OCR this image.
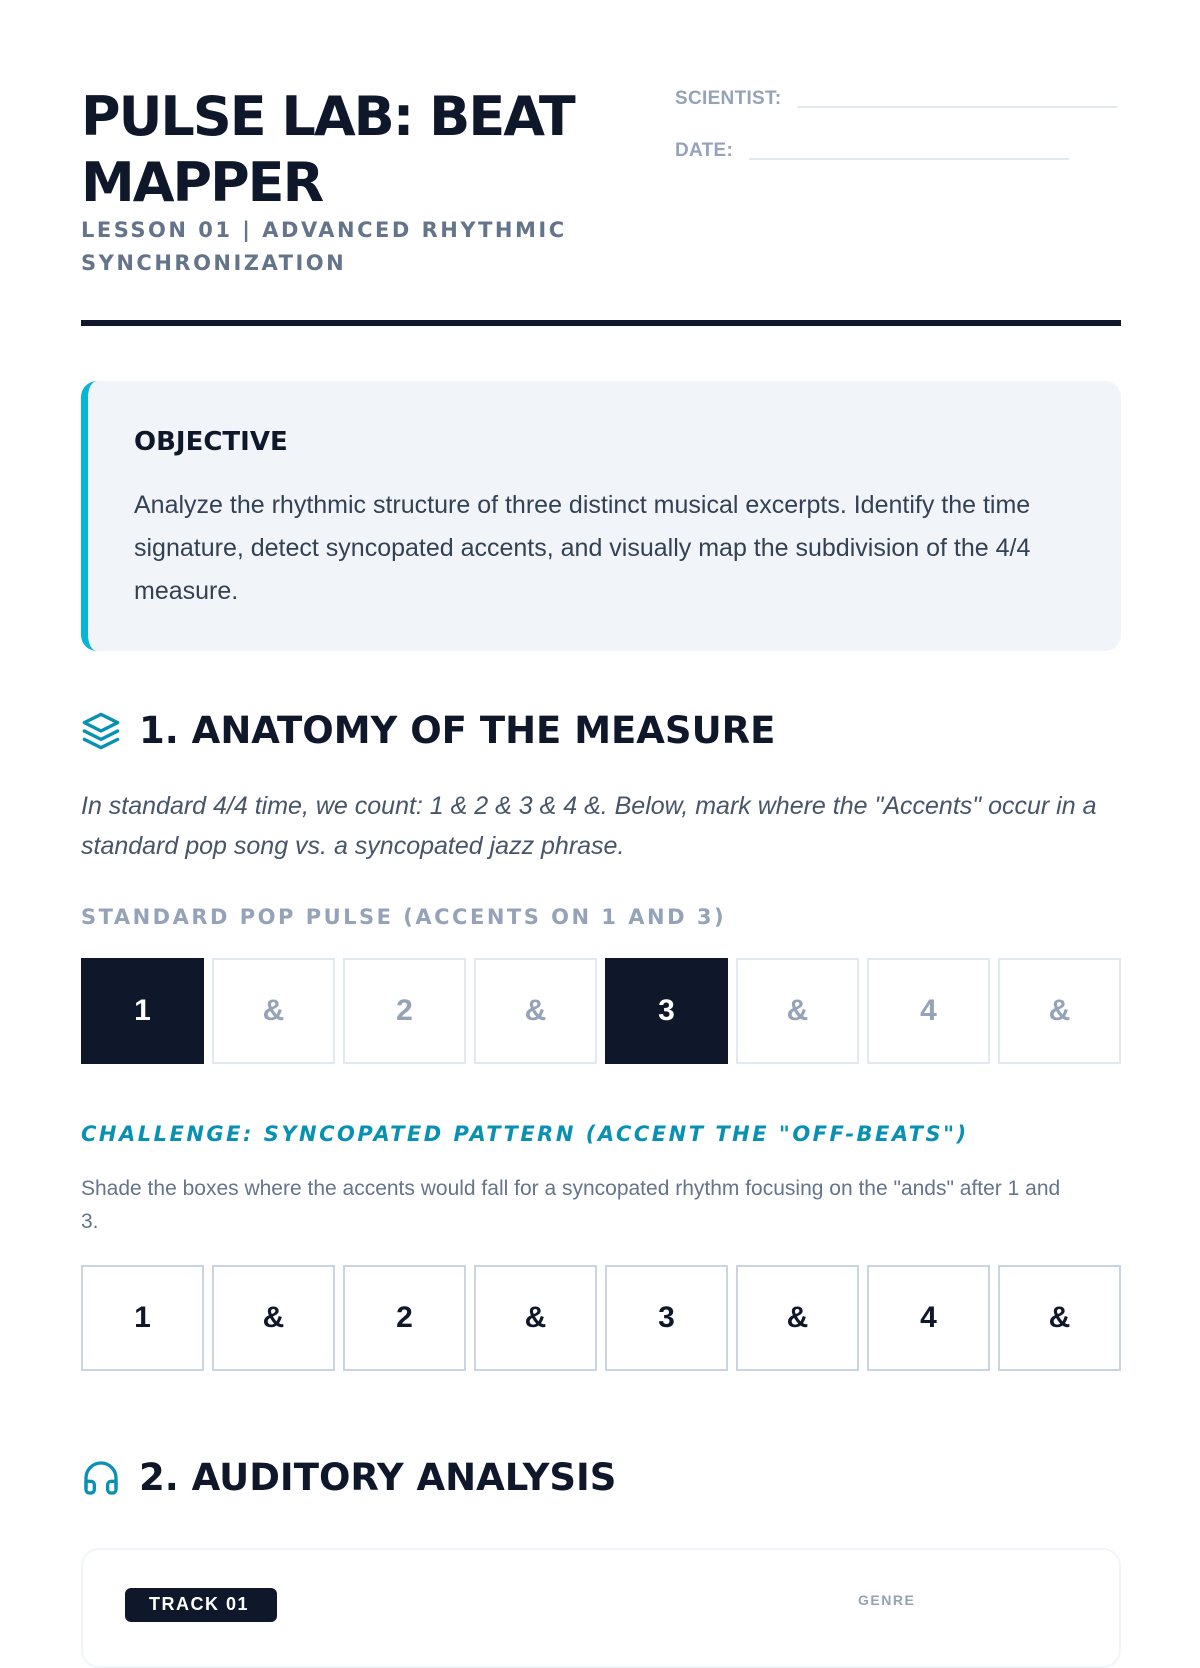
PULSE LAB: BEAT MAPPER
LESSON 01 | ADVANCED RHYTHMIC SYNCHRONIZATION
SCIENTIST:
DATE:
OBJECTIVE

Analyze the rhythmic structure of three distinct musical excerpts. Identify the time signature, detect syncopated accents, and visually map the subdivision of the 4/4 measure.

1. ANATOMY OF THE MEASURE

In standard 4/4 time, we count: 1 & 2 & 3 & 4 &. Below, mark where the "Accents" occur in a standard pop song vs. a syncopated jazz phrase.

STANDARD POP PULSE (ACCENTS ON 1 AND 3)
1	&	2	&	3	&	4	&
CHALLENGE: SYNCOPATED PATTERN (ACCENT THE "OFF-BEATS")

Shade the boxes where the accents would fall for a syncopated rhythm focusing on the "ands" after 1 and 3.

1	&	2	&	3	&	4	&
2. AUDITORY ANALYSIS
TRACK 01	GENRE
